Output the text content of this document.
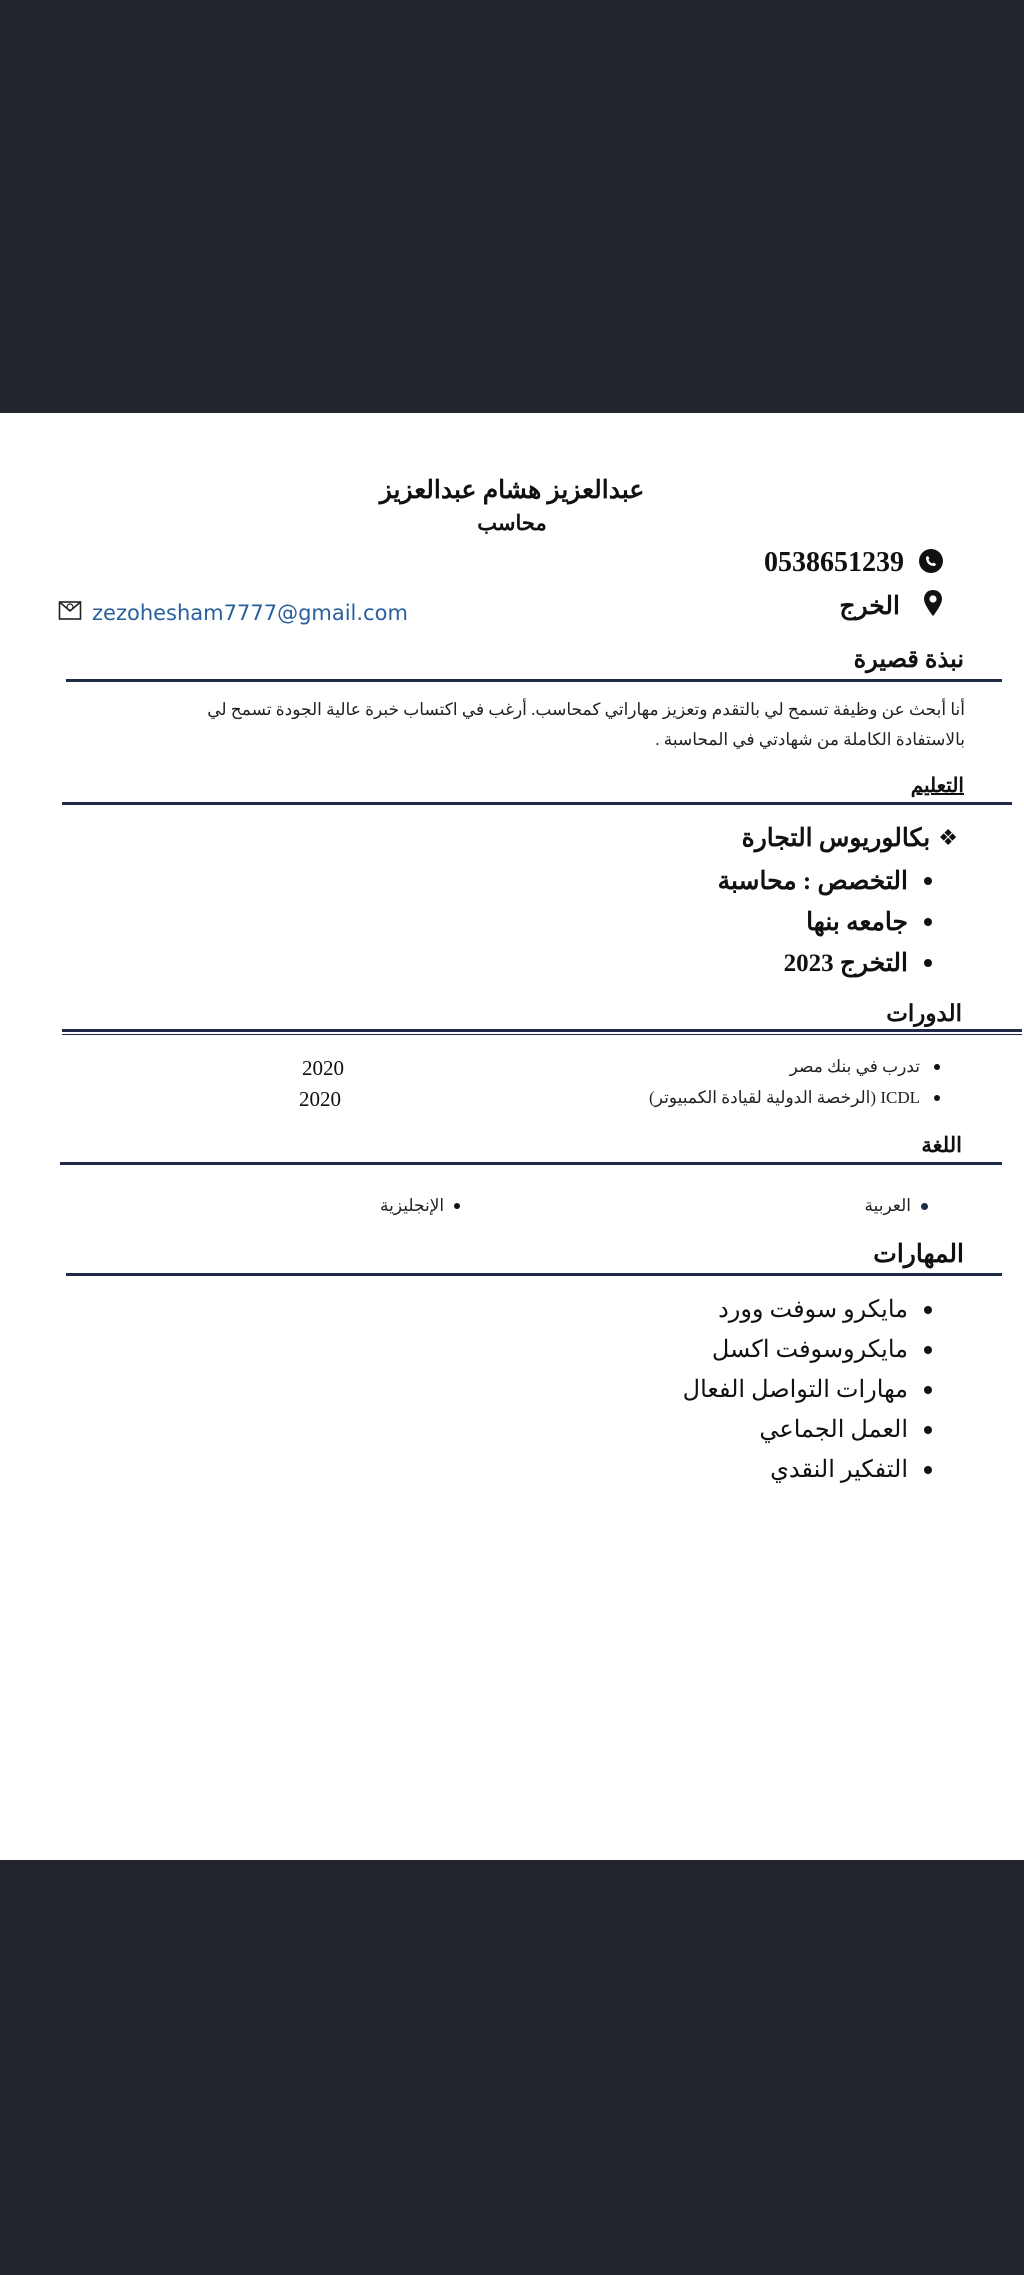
عبدالعزيز هشام عبدالعزيز
محاسب
0538651239
الخرج
zezohesham7777@gmail.com
نبذة قصيرة
أنا أبحث عن وظيفة تسمح لي بالتقدم وتعزيز مهاراتي كمحاسب. أرغب في اكتساب خبرة عالية الجودة تسمح لي بالاستفادة الكاملة من شهادتي في المحاسبة .
التعليم
❖
بكالوريوس التجارة
التخصص : محاسبة
جامعه بنها
التخرج 2023
الدورات
تدرب في بنك مصر
2020
ICDL (الرخصة الدولية لقيادة الكمبيوتر)
2020
اللغة
العربية
الإنجليزية
المهارات
مايكرو سوفت وورد
مايكروسوفت اكسل
مهارات التواصل الفعال
العمل الجماعي
التفكير النقدي
